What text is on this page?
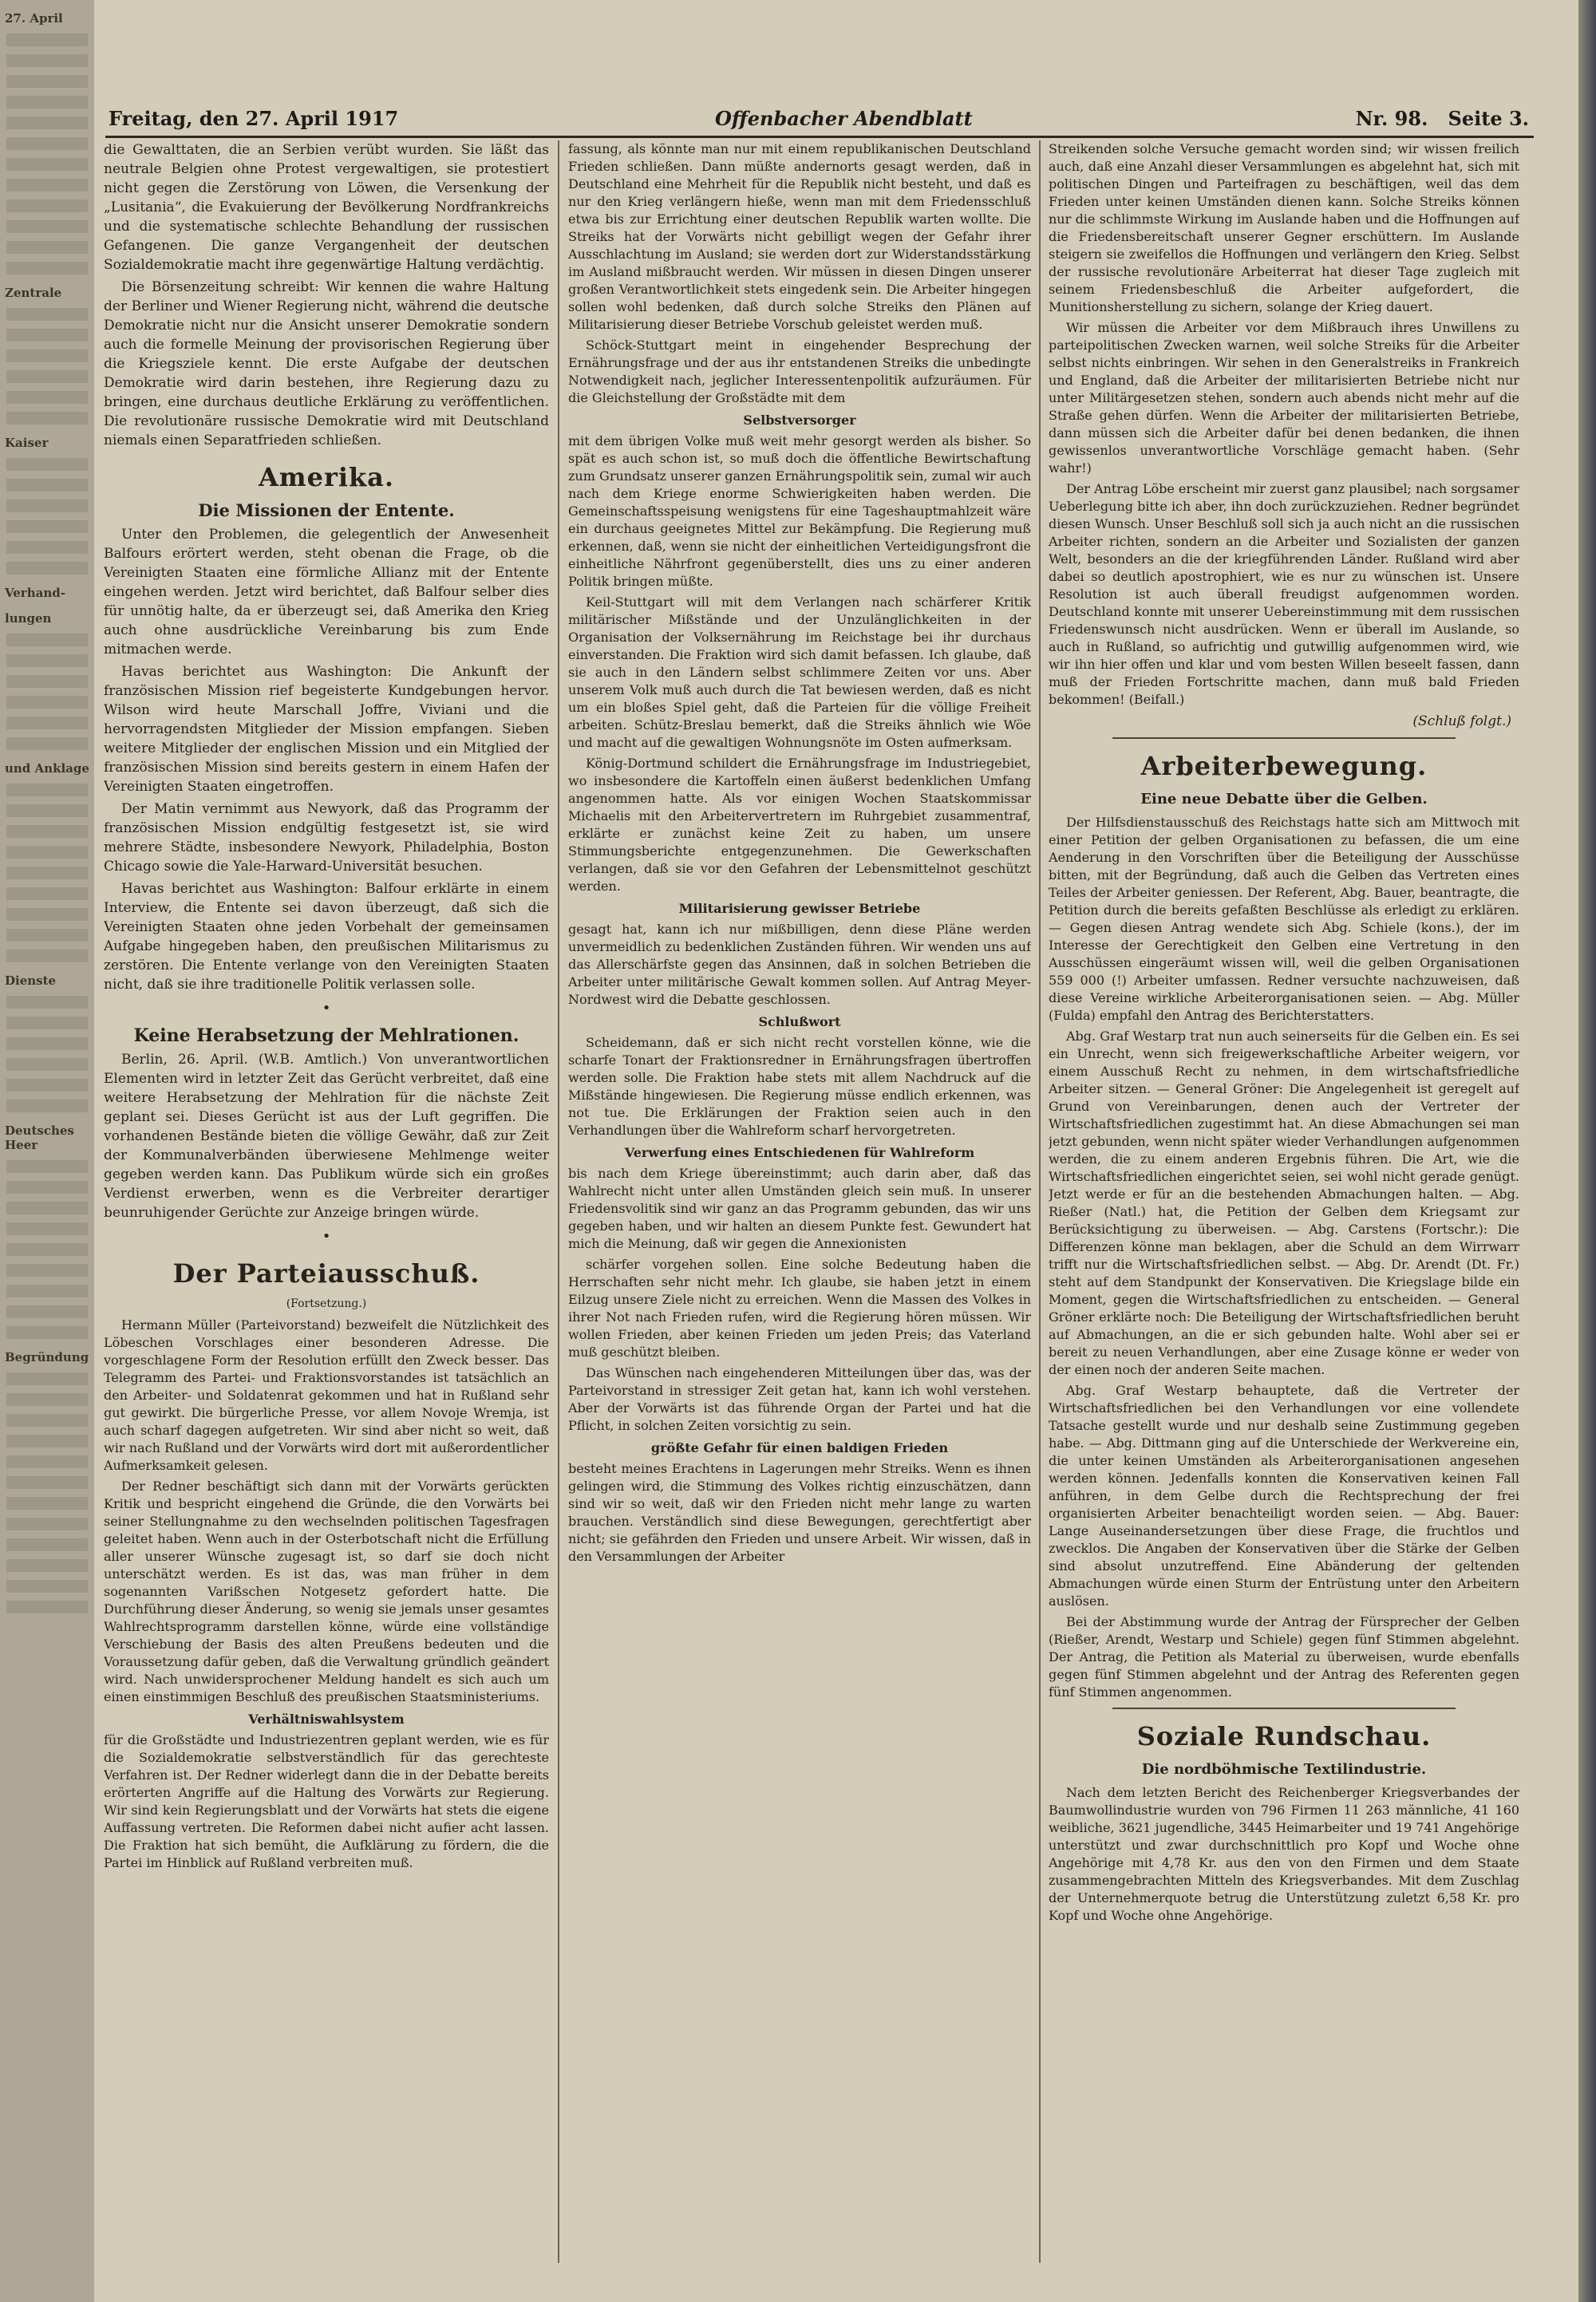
27. April
Zentrale
Kaiser
Verhand-
lungen
und Anklage
Dienste
Deutsches Heer
Begründung
Freitag, den 27. April 1917	Offenbacher Abendblatt	Nr. 98. Seite 3.

die Gewalttaten, die an Serbien verübt wurden. Sie läßt das neutrale Belgien ohne Protest vergewaltigen, sie protestiert nicht gegen die Zerstörung von Löwen, die Versenkung der „Lusitania“, die Evakuierung der Bevölkerung Nordfrankreichs und die systematische schlechte Behandlung der russischen Gefangenen. Die ganze Vergangenheit der deutschen Sozialdemokratie macht ihre gegenwärtige Haltung verdächtig.

Die Börsenzeitung schreibt: Wir kennen die wahre Haltung der Berliner und Wiener Regierung nicht, während die deutsche Demokratie nicht nur die Ansicht unserer Demokratie sondern auch die formelle Meinung der provisorischen Regierung über die Kriegsziele kennt. Die erste Aufgabe der deutschen Demokratie wird darin bestehen, ihre Regierung dazu zu bringen, eine durchaus deutliche Erklärung zu veröffentlichen. Die revolutionäre russische Demokratie wird mit Deutschland niemals einen Separatfrieden schließen.

Amerika.
Die Missionen der Entente.

Unter den Problemen, die gelegentlich der Anwesenheit Balfours erörtert werden, steht obenan die Frage, ob die Vereinigten Staaten eine förmliche Allianz mit der Entente eingehen werden. Jetzt wird berichtet, daß Balfour selber dies für unnötig halte, da er überzeugt sei, daß Amerika den Krieg auch ohne ausdrückliche Vereinbarung bis zum Ende mitmachen werde.

Havas berichtet aus Washington: Die Ankunft der französischen Mission rief begeisterte Kundgebungen hervor. Wilson wird heute Marschall Joffre, Viviani und die hervorragendsten Mitglieder der Mission empfangen. Sieben weitere Mitglieder der englischen Mission und ein Mitglied der französischen Mission sind bereits gestern in einem Hafen der Vereinigten Staaten eingetroffen.

Der Matin vernimmt aus Newyork, daß das Programm der französischen Mission endgültig festgesetzt ist, sie wird mehrere Städte, insbesondere Newyork, Philadelphia, Boston Chicago sowie die Yale-Harward-Universität besuchen.

Havas berichtet aus Washington: Balfour erklärte in einem Interview, die Entente sei davon überzeugt, daß sich die Vereinigten Staaten ohne jeden Vorbehalt der gemeinsamen Aufgabe hingegeben haben, den preußischen Militarismus zu zerstören. Die Entente verlange von den Vereinigten Staaten nicht, daß sie ihre traditionelle Politik verlassen solle.

•
Keine Herabsetzung der Mehlrationen.

Berlin, 26. April. (W.B. Amtlich.) Von unverantwortlichen Elementen wird in letzter Zeit das Gerücht verbreitet, daß eine weitere Herabsetzung der Mehlration für die nächste Zeit geplant sei. Dieses Gerücht ist aus der Luft gegriffen. Die vorhandenen Bestände bieten die völlige Gewähr, daß zur Zeit der Kommunalverbänden überwiesene Mehlmenge weiter gegeben werden kann. Das Publikum würde sich ein großes Verdienst erwerben, wenn es die Verbreiter derartiger beunruhigender Gerüchte zur Anzeige bringen würde.

•
Der Parteiausschuß.
(Fortsetzung.)

Hermann Müller (Parteivorstand) bezweifelt die Nützlichkeit des Löbeschen Vorschlages einer besonderen Adresse. Die vorgeschlagene Form der Resolution erfüllt den Zweck besser. Das Telegramm des Partei- und Fraktionsvorstandes ist tatsächlich an den Arbeiter- und Soldatenrat gekommen und hat in Rußland sehr gut gewirkt. Die bürgerliche Presse, vor allem Novoje Wremja, ist auch scharf dagegen aufgetreten. Wir sind aber nicht so weit, daß wir nach Rußland und der Vorwärts wird dort mit außerordentlicher Aufmerksamkeit gelesen.

Der Redner beschäftigt sich dann mit der Vorwärts gerückten Kritik und bespricht eingehend die Gründe, die den Vorwärts bei seiner Stellungnahme zu den wechselnden politischen Tagesfragen geleitet haben. Wenn auch in der Osterbotschaft nicht die Erfüllung aller unserer Wünsche zugesagt ist, so darf sie doch nicht unterschätzt werden. Es ist das, was man früher in dem sogenannten Varißschen Notgesetz gefordert hatte. Die Durchführung dieser Änderung, so wenig sie jemals unser gesamtes Wahlrechtsprogramm darstellen könne, würde eine vollständige Verschiebung der Basis des alten Preußens bedeuten und die Voraussetzung dafür geben, daß die Verwaltung gründlich geändert wird. Nach unwidersprochener Meldung handelt es sich auch um einen einstimmigen Beschluß des preußischen Staatsministeriums.

Verhältniswahlsystem

für die Großstädte und Industriezentren geplant werden, wie es für die Sozialdemokratie selbstverständlich für das gerechteste Verfahren ist. Der Redner widerlegt dann die in der Debatte bereits erörterten Angriffe auf die Haltung des Vorwärts zur Regierung. Wir sind kein Regierungsblatt und der Vorwärts hat stets die eigene Auffassung vertreten. Die Reformen dabei nicht aufier acht lassen. Die Fraktion hat sich bemüht, die Aufklärung zu fördern, die die Partei im Hinblick auf Rußland verbreiten muß.

fassung, als könnte man nur mit einem republikanischen Deutschland Frieden schließen. Dann müßte andernorts gesagt werden, daß in Deutschland eine Mehrheit für die Republik nicht besteht, und daß es nur den Krieg verlängern hieße, wenn man mit dem Friedensschluß etwa bis zur Errichtung einer deutschen Republik warten wollte. Die Streiks hat der Vorwärts nicht gebilligt wegen der Gefahr ihrer Ausschlachtung im Ausland; sie werden dort zur Widerstandsstärkung im Ausland mißbraucht werden. Wir müssen in diesen Dingen unserer großen Verantwortlichkeit stets eingedenk sein. Die Arbeiter hingegen sollen wohl bedenken, daß durch solche Streiks den Plänen auf Militarisierung dieser Betriebe Vorschub geleistet werden muß.

Schöck-Stuttgart meint in eingehender Besprechung der Ernährungsfrage und der aus ihr entstandenen Streiks die unbedingte Notwendigkeit nach, jeglicher Interessentenpolitik aufzuräumen. Für die Gleichstellung der Großstädte mit dem

Selbstversorger

mit dem übrigen Volke muß weit mehr gesorgt werden als bisher. So spät es auch schon ist, so muß doch die öffentliche Bewirtschaftung zum Grundsatz unserer ganzen Ernährungspolitik sein, zumal wir auch nach dem Kriege enorme Schwierigkeiten haben werden. Die Gemeinschaftsspeisung wenigstens für eine Tageshauptmahlzeit wäre ein durchaus geeignetes Mittel zur Bekämpfung. Die Regierung muß erkennen, daß, wenn sie nicht der einheitlichen Verteidigungsfront die einheitliche Nährfront gegenüberstellt, dies uns zu einer anderen Politik bringen müßte.

Keil-Stuttgart will mit dem Verlangen nach schärferer Kritik militärischer Mißstände und der Unzulänglichkeiten in der Organisation der Volksernährung im Reichstage bei ihr durchaus einverstanden. Die Fraktion wird sich damit befassen. Ich glaube, daß sie auch in den Ländern selbst schlimmere Zeiten vor uns. Aber unserem Volk muß auch durch die Tat bewiesen werden, daß es nicht um ein bloßes Spiel geht, daß die Parteien für die völlige Freiheit arbeiten. Schütz-Breslau bemerkt, daß die Streiks ähnlich wie Wöe und macht auf die gewaltigen Wohnungsnöte im Osten aufmerksam.

König-Dortmund schildert die Ernährungsfrage im Industriegebiet, wo insbesondere die Kartoffeln einen äußerst bedenklichen Umfang angenommen hatte. Als vor einigen Wochen Staatskommissar Michaelis mit den Arbeitervertretern im Ruhrgebiet zusammentraf, erklärte er zunächst keine Zeit zu haben, um unsere Stimmungsberichte entgegenzunehmen. Die Gewerkschaften verlangen, daß sie vor den Gefahren der Lebensmittelnot geschützt werden.

Militarisierung gewisser Betriebe

gesagt hat, kann ich nur mißbilligen, denn diese Pläne werden unvermeidlich zu bedenklichen Zuständen führen. Wir wenden uns auf das Allerschärfste gegen das Ansinnen, daß in solchen Betrieben die Arbeiter unter militärische Gewalt kommen sollen. Auf Antrag Meyer-Nordwest wird die Debatte geschlossen.

Schlußwort

Scheidemann, daß er sich nicht recht vorstellen könne, wie die scharfe Tonart der Fraktionsredner in Ernährungsfragen übertroffen werden solle. Die Fraktion habe stets mit allem Nachdruck auf die Mißstände hingewiesen. Die Regierung müsse endlich erkennen, was not tue. Die Erklärungen der Fraktion seien auch in den Verhandlungen über die Wahlreform scharf hervorgetreten.

Verwerfung eines Entschiedenen für Wahlreform

bis nach dem Kriege übereinstimmt; auch darin aber, daß das Wahlrecht nicht unter allen Umständen gleich sein muß. In unserer Friedensvolitik sind wir ganz an das Programm gebunden, das wir uns gegeben haben, und wir halten an diesem Punkte fest. Gewundert hat mich die Meinung, daß wir gegen die Annexionisten

schärfer vorgehen sollen. Eine solche Bedeutung haben die Herrschaften sehr nicht mehr. Ich glaube, sie haben jetzt in einem Eilzug unsere Ziele nicht zu erreichen. Wenn die Massen des Volkes in ihrer Not nach Frieden rufen, wird die Regierung hören müssen. Wir wollen Frieden, aber keinen Frieden um jeden Preis; das Vaterland muß geschützt bleiben.

Das Wünschen nach eingehenderen Mitteilungen über das, was der Parteivorstand in stressiger Zeit getan hat, kann ich wohl verstehen. Aber der Vorwärts ist das führende Organ der Partei und hat die Pflicht, in solchen Zeiten vorsichtig zu sein.

größte Gefahr für einen baldigen Frieden

besteht meines Erachtens in Lagerungen mehr Streiks. Wenn es ihnen gelingen wird, die Stimmung des Volkes richtig einzuschätzen, dann sind wir so weit, daß wir den Frieden nicht mehr lange zu warten brauchen. Verständlich sind diese Bewegungen, gerechtfertigt aber nicht; sie gefährden den Frieden und unsere Arbeit. Wir wissen, daß in den Versammlungen der Arbeiter

Streikenden solche Versuche gemacht worden sind; wir wissen freilich auch, daß eine Anzahl dieser Versammlungen es abgelehnt hat, sich mit politischen Dingen und Parteifragen zu beschäftigen, weil das dem Frieden unter keinen Umständen dienen kann. Solche Streiks können nur die schlimmste Wirkung im Auslande haben und die Hoffnungen auf die Friedensbereitschaft unserer Gegner erschüttern. Im Auslande steigern sie zweifellos die Hoffnungen und verlängern den Krieg. Selbst der russische revolutionäre Arbeiterrat hat dieser Tage zugleich mit seinem Friedensbeschluß die Arbeiter aufgefordert, die Munitionsherstellung zu sichern, solange der Krieg dauert.

Wir müssen die Arbeiter vor dem Mißbrauch ihres Unwillens zu parteipolitischen Zwecken warnen, weil solche Streiks für die Arbeiter selbst nichts einbringen. Wir sehen in den Generalstreiks in Frankreich und England, daß die Arbeiter der militarisierten Betriebe nicht nur unter Militärgesetzen stehen, sondern auch abends nicht mehr auf die Straße gehen dürfen. Wenn die Arbeiter der militarisierten Betriebe, dann müssen sich die Arbeiter dafür bei denen bedanken, die ihnen gewissenlos unverantwortliche Vorschläge gemacht haben. (Sehr wahr!)

Der Antrag Löbe erscheint mir zuerst ganz plausibel; nach sorgsamer Ueberlegung bitte ich aber, ihn doch zurückzuziehen. Redner begründet diesen Wunsch. Unser Beschluß soll sich ja auch nicht an die russischen Arbeiter richten, sondern an die Arbeiter und Sozialisten der ganzen Welt, besonders an die der kriegführenden Länder. Rußland wird aber dabei so deutlich apostrophiert, wie es nur zu wünschen ist. Unsere Resolution ist auch überall freudigst aufgenommen worden. Deutschland konnte mit unserer Uebereinstimmung mit dem russischen Friedenswunsch nicht ausdrücken. Wenn er überall im Auslande, so auch in Rußland, so aufrichtig und gutwillig aufgenommen wird, wie wir ihn hier offen und klar und vom besten Willen beseelt fassen, dann muß der Frieden Fortschritte machen, dann muß bald Frieden bekommen! (Beifall.)

(Schluß folgt.)
Arbeiterbewegung.
Eine neue Debatte über die Gelben.

Der Hilfsdienstausschuß des Reichstags hatte sich am Mittwoch mit einer Petition der gelben Organisationen zu befassen, die um eine Aenderung in den Vorschriften über die Beteiligung der Ausschüsse bitten, mit der Begründung, daß auch die Gelben das Vertreten eines Teiles der Arbeiter geniessen. Der Referent, Abg. Bauer, beantragte, die Petition durch die bereits gefaßten Beschlüsse als erledigt zu erklären. — Gegen diesen Antrag wendete sich Abg. Schiele (kons.), der im Interesse der Gerechtigkeit den Gelben eine Vertretung in den Ausschüssen eingeräumt wissen will, weil die gelben Organisationen 559 000 (!) Arbeiter umfassen. Redner versuchte nachzuweisen, daß diese Vereine wirkliche Arbeiterorganisationen seien. — Abg. Müller (Fulda) empfahl den Antrag des Berichterstatters.

Abg. Graf Westarp trat nun auch seinerseits für die Gelben ein. Es sei ein Unrecht, wenn sich freigewerkschaftliche Arbeiter weigern, vor einem Ausschuß Recht zu nehmen, in dem wirtschaftsfriedliche Arbeiter sitzen. — General Gröner: Die Angelegenheit ist geregelt auf Grund von Vereinbarungen, denen auch der Vertreter der Wirtschaftsfriedlichen zugestimmt hat. An diese Abmachungen sei man jetzt gebunden, wenn nicht später wieder Verhandlungen aufgenommen werden, die zu einem anderen Ergebnis führen. Die Art, wie die Wirtschaftsfriedlichen eingerichtet seien, sei wohl nicht gerade genügt. Jetzt werde er für an die bestehenden Abmachungen halten. — Abg. Rießer (Natl.) hat, die Petition der Gelben dem Kriegsamt zur Berücksichtigung zu überweisen. — Abg. Carstens (Fortschr.): Die Differenzen könne man beklagen, aber die Schuld an dem Wirrwarr trifft nur die Wirtschaftsfriedlichen selbst. — Abg. Dr. Arendt (Dt. Fr.) steht auf dem Standpunkt der Konservativen. Die Kriegslage bilde ein Moment, gegen die Wirtschaftsfriedlichen zu entscheiden. — General Gröner erklärte noch: Die Beteiligung der Wirtschaftsfriedlichen beruht auf Abmachungen, an die er sich gebunden halte. Wohl aber sei er bereit zu neuen Verhandlungen, aber eine Zusage könne er weder von der einen noch der anderen Seite machen.

Abg. Graf Westarp behauptete, daß die Vertreter der Wirtschaftsfriedlichen bei den Verhandlungen vor eine vollendete Tatsache gestellt wurde und nur deshalb seine Zustimmung gegeben habe. — Abg. Dittmann ging auf die Unterschiede der Werkvereine ein, die unter keinen Umständen als Arbeiterorganisationen angesehen werden können. Jedenfalls konnten die Konservativen keinen Fall anführen, in dem Gelbe durch die Rechtsprechung der frei organisierten Arbeiter benachteiligt worden seien. — Abg. Bauer: Lange Auseinandersetzungen über diese Frage, die fruchtlos und zwecklos. Die Angaben der Konservativen über die Stärke der Gelben sind absolut unzutreffend. Eine Abänderung der geltenden Abmachungen würde einen Sturm der Entrüstung unter den Arbeitern auslösen.

Bei der Abstimmung wurde der Antrag der Fürsprecher der Gelben (Rießer, Arendt, Westarp und Schiele) gegen fünf Stimmen abgelehnt. Der Antrag, die Petition als Material zu überweisen, wurde ebenfalls gegen fünf Stimmen abgelehnt und der Antrag des Referenten gegen fünf Stimmen angenommen.

Soziale Rundschau.
Die nordböhmische Textilindustrie.

Nach dem letzten Bericht des Reichenberger Kriegsverbandes der Baumwollindustrie wurden von 796 Firmen 11 263 männliche, 41 160 weibliche, 3621 jugendliche, 3445 Heimarbeiter und 19 741 Angehörige unterstützt und zwar durchschnittlich pro Kopf und Woche ohne Angehörige mit 4,78 Kr. aus den von den Firmen und dem Staate zusammengebrachten Mitteln des Kriegsverbandes. Mit dem Zuschlag der Unternehmerquote betrug die Unterstützung zuletzt 6,58 Kr. pro Kopf und Woche ohne Angehörige.
